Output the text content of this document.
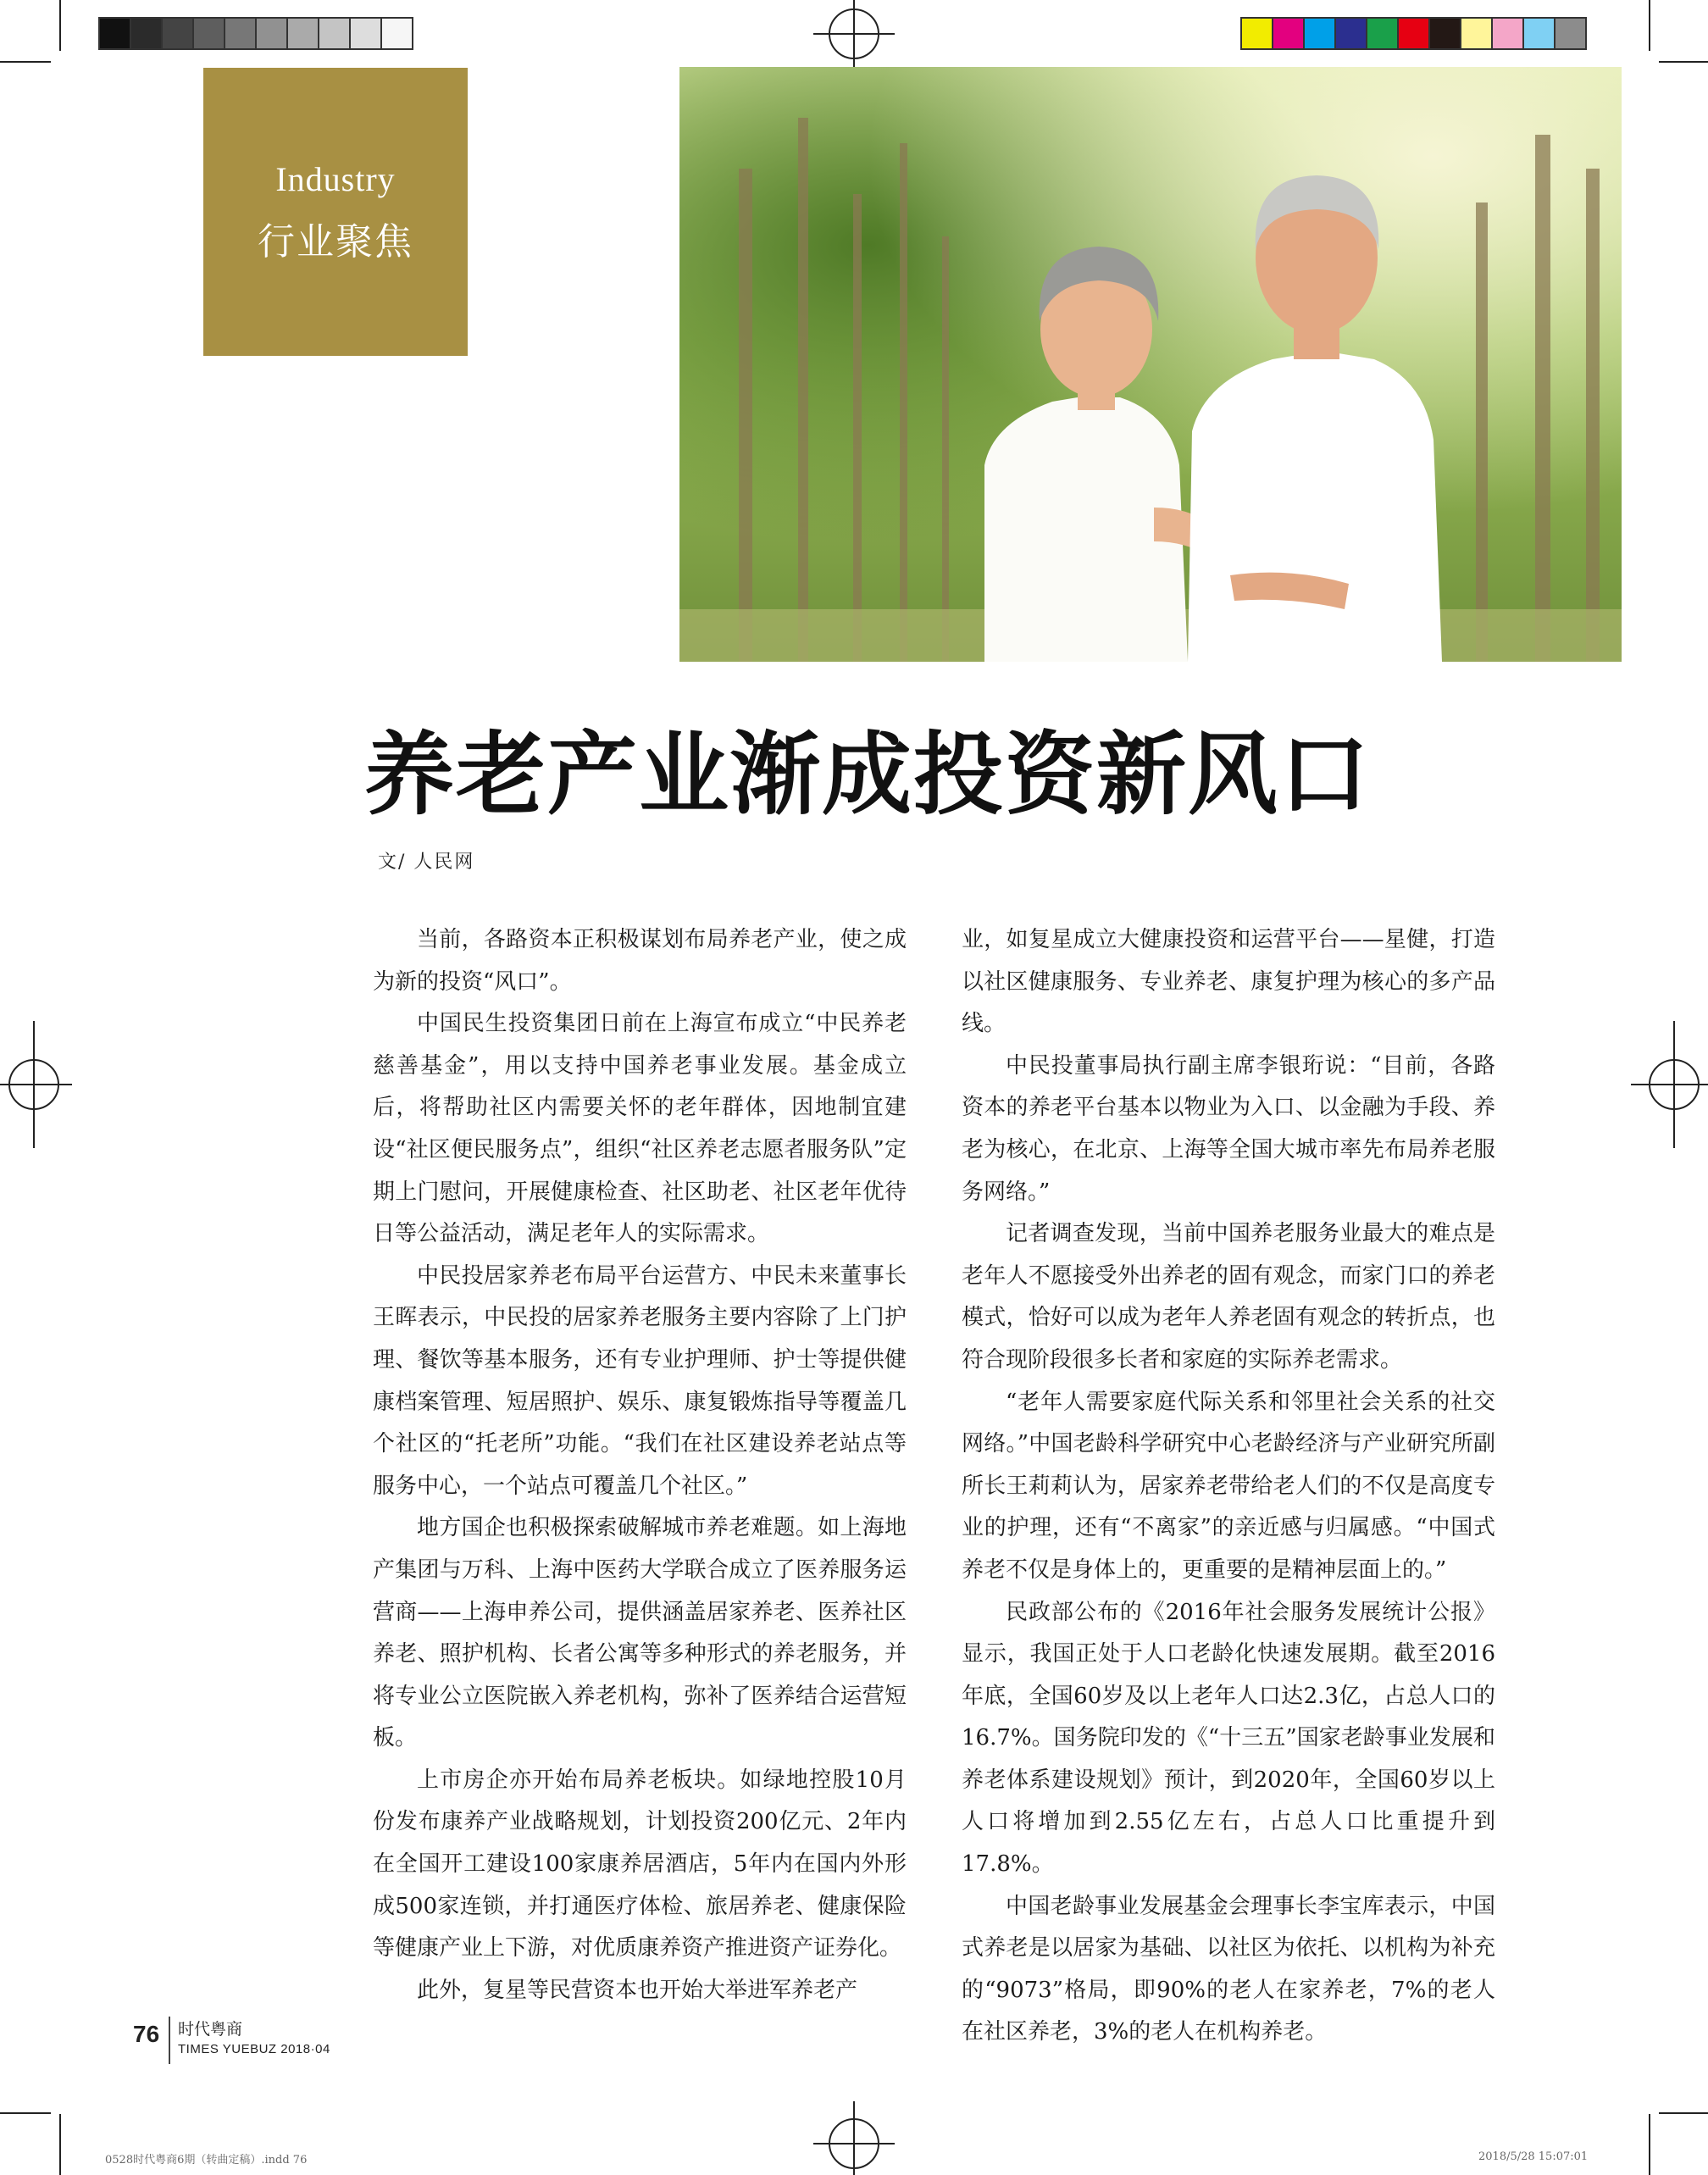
Industry
行业聚焦
养老产业渐成投资新风口
文/ 人民网

当前，各路资本正积极谋划布局养老产业，使之成为新的投资“风口”。

中国民生投资集团日前在上海宣布成立“中民养老慈善基金”，用以支持中国养老事业发展。基金成立后，将帮助社区内需要关怀的老年群体，因地制宜建设“社区便民服务点”，组织“社区养老志愿者服务队”定期上门慰问，开展健康检查、社区助老、社区老年优待日等公益活动，满足老年人的实际需求。

中民投居家养老布局平台运营方、中民未来董事长王晖表示，中民投的居家养老服务主要内容除了上门护理、餐饮等基本服务，还有专业护理师、护士等提供健康档案管理、短居照护、娱乐、康复锻炼指导等覆盖几个社区的“托老所”功能。“我们在社区建设养老站点等服务中心，一个站点可覆盖几个社区。”

地方国企也积极探索破解城市养老难题。如上海地产集团与万科、上海中医药大学联合成立了医养服务运营商——上海申养公司，提供涵盖居家养老、医养社区养老、照护机构、长者公寓等多种形式的养老服务，并将专业公立医院嵌入养老机构，弥补了医养结合运营短板。

上市房企亦开始布局养老板块。如绿地控股10月份发布康养产业战略规划，计划投资200亿元、2年内在全国开工建设100家康养居酒店，5年内在国内外形成500家连锁，并打通医疗体检、旅居养老、健康保险等健康产业上下游，对优质康养资产推进资产证券化。

此外，复星等民营资本也开始大举进军养老产

业，如复星成立大健康投资和运营平台——星健，打造以社区健康服务、专业养老、康复护理为核心的多产品线。

中民投董事局执行副主席李银珩说：“目前，各路资本的养老平台基本以物业为入口、以金融为手段、养老为核心，在北京、上海等全国大城市率先布局养老服务网络。”

记者调查发现，当前中国养老服务业最大的难点是老年人不愿接受外出养老的固有观念，而家门口的养老模式，恰好可以成为老年人养老固有观念的转折点，也符合现阶段很多长者和家庭的实际养老需求。

“老年人需要家庭代际关系和邻里社会关系的社交网络。”中国老龄科学研究中心老龄经济与产业研究所副所长王莉莉认为，居家养老带给老人们的不仅是高度专业的护理，还有“不离家”的亲近感与归属感。“中国式养老不仅是身体上的，更重要的是精神层面上的。”

民政部公布的《2016年社会服务发展统计公报》显示，我国正处于人口老龄化快速发展期。截至2016年底，全国60岁及以上老年人口达2.3亿，占总人口的16.7%。国务院印发的《“十三五”国家老龄事业发展和养老体系建设规划》预计，到2020年，全国60岁以上人口将增加到2.55亿左右，占总人口比重提升到17.8%。

中国老龄事业发展基金会理事长李宝库表示，中国式养老是以居家为基础、以社区为依托、以机构为补充的“9073”格局，即90%的老人在家养老，7%的老人在社区养老，3%的老人在机构养老。

76 时代粤商
TIMES YUEBUZ 2018·04
0528时代粤商6期（转曲定稿）.indd 76	2018/5/28 15:07:01
